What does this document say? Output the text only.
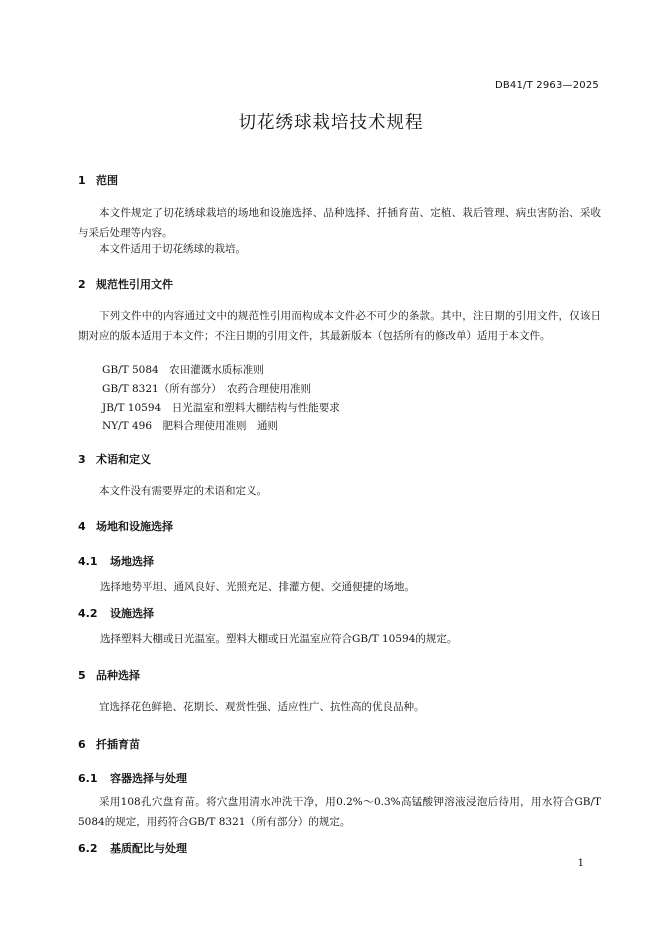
DB41/T 2963—2025
切花绣球栽培技术规程
1 范围
本文件规定了切花绣球栽培的场地和设施选择、品种选择、扦插育苗、定植、栽后管理、病虫害防治、采收与采后处理等内容。
本文件适用于切花绣球的栽培。
2 规范性引用文件
下列文件中的内容通过文中的规范性引用而构成本文件必不可少的条款。其中，注日期的引用文件，仅该日期对应的版本适用于本文件；不注日期的引用文件，其最新版本（包括所有的修改单）适用于本文件。
GB/T 5084　农田灌溉水质标准则
GB/T 8321（所有部分）　农药合理使用准则
JB/T 10594　日光温室和塑料大棚结构与性能要求
NY/T 496　肥料合理使用准则　通则
3 术语和定义
本文件没有需要界定的术语和定义。
4 场地和设施选择
4.1 场地选择
选择地势平坦、通风良好、光照充足、排灌方便、交通便捷的场地。
4.2 设施选择
选择塑料大棚或日光温室。塑料大棚或日光温室应符合GB/T 10594的规定。
5 品种选择
宜选择花色鲜艳、花期长、观赏性强、适应性广、抗性高的优良品种。
6 扦插育苗
6.1 容器选择与处理
采用108孔穴盘育苗。将穴盘用清水冲洗干净，用0.2%～0.3%高锰酸钾溶液浸泡后待用，用水符合GB/T 5084的规定，用药符合GB/T 8321（所有部分）的规定。
6.2 基质配比与处理
1
